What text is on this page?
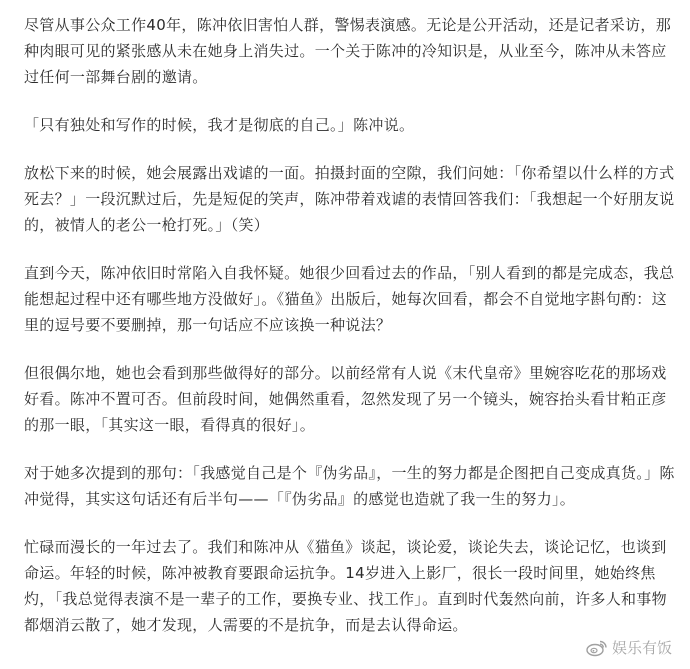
尽管从事公众工作40年，陈冲依旧害怕人群，警惕表演感。无论是公开活动，还是记者采访，那种肉眼可见的紧张感从未在她身上消失过。一个关于陈冲的冷知识是，从业至今，陈冲从未答应过任何一部舞台剧的邀请。

「只有独处和写作的时候，我才是彻底的自己。」陈冲说。

放松下来的时候，她会展露出戏谑的一面。拍摄封面的空隙，我们问她：「你希望以什么样的方式死去？」一段沉默过后，先是短促的笑声，陈冲带着戏谑的表情回答我们：「我想起一个好朋友说的，被情人的老公一枪打死。」（笑）

直到今天，陈冲依旧时常陷入自我怀疑。她很少回看过去的作品，「别人看到的都是完成态，我总能想起过程中还有哪些地方没做好」。《猫鱼》出版后，她每次回看，都会不自觉地字斟句酌：这里的逗号要不要删掉，那一句话应不应该换一种说法？

但很偶尔地，她也会看到那些做得好的部分。以前经常有人说《末代皇帝》里婉容吃花的那场戏好看。陈冲不置可否。但前段时间，她偶然重看，忽然发现了另一个镜头，婉容抬头看甘粕正彦的那一眼，「其实这一眼，看得真的很好」。

对于她多次提到的那句：「我感觉自己是个『伪劣品』，一生的努力都是企图把自己变成真货。」陈冲觉得，其实这句话还有后半句——「『伪劣品』的感觉也造就了我一生的努力」。

忙碌而漫长的一年过去了。我们和陈冲从《猫鱼》谈起，谈论爱，谈论失去，谈论记忆，也谈到命运。年轻的时候，陈冲被教育要跟命运抗争。14岁进入上影厂，很长一段时间里，她始终焦灼，「我总觉得表演不是一辈子的工作，要换专业、找工作」。直到时代轰然向前，许多人和事物都烟消云散了，她才发现，人需要的不是抗争，而是去认得命运。

娱乐有饭
